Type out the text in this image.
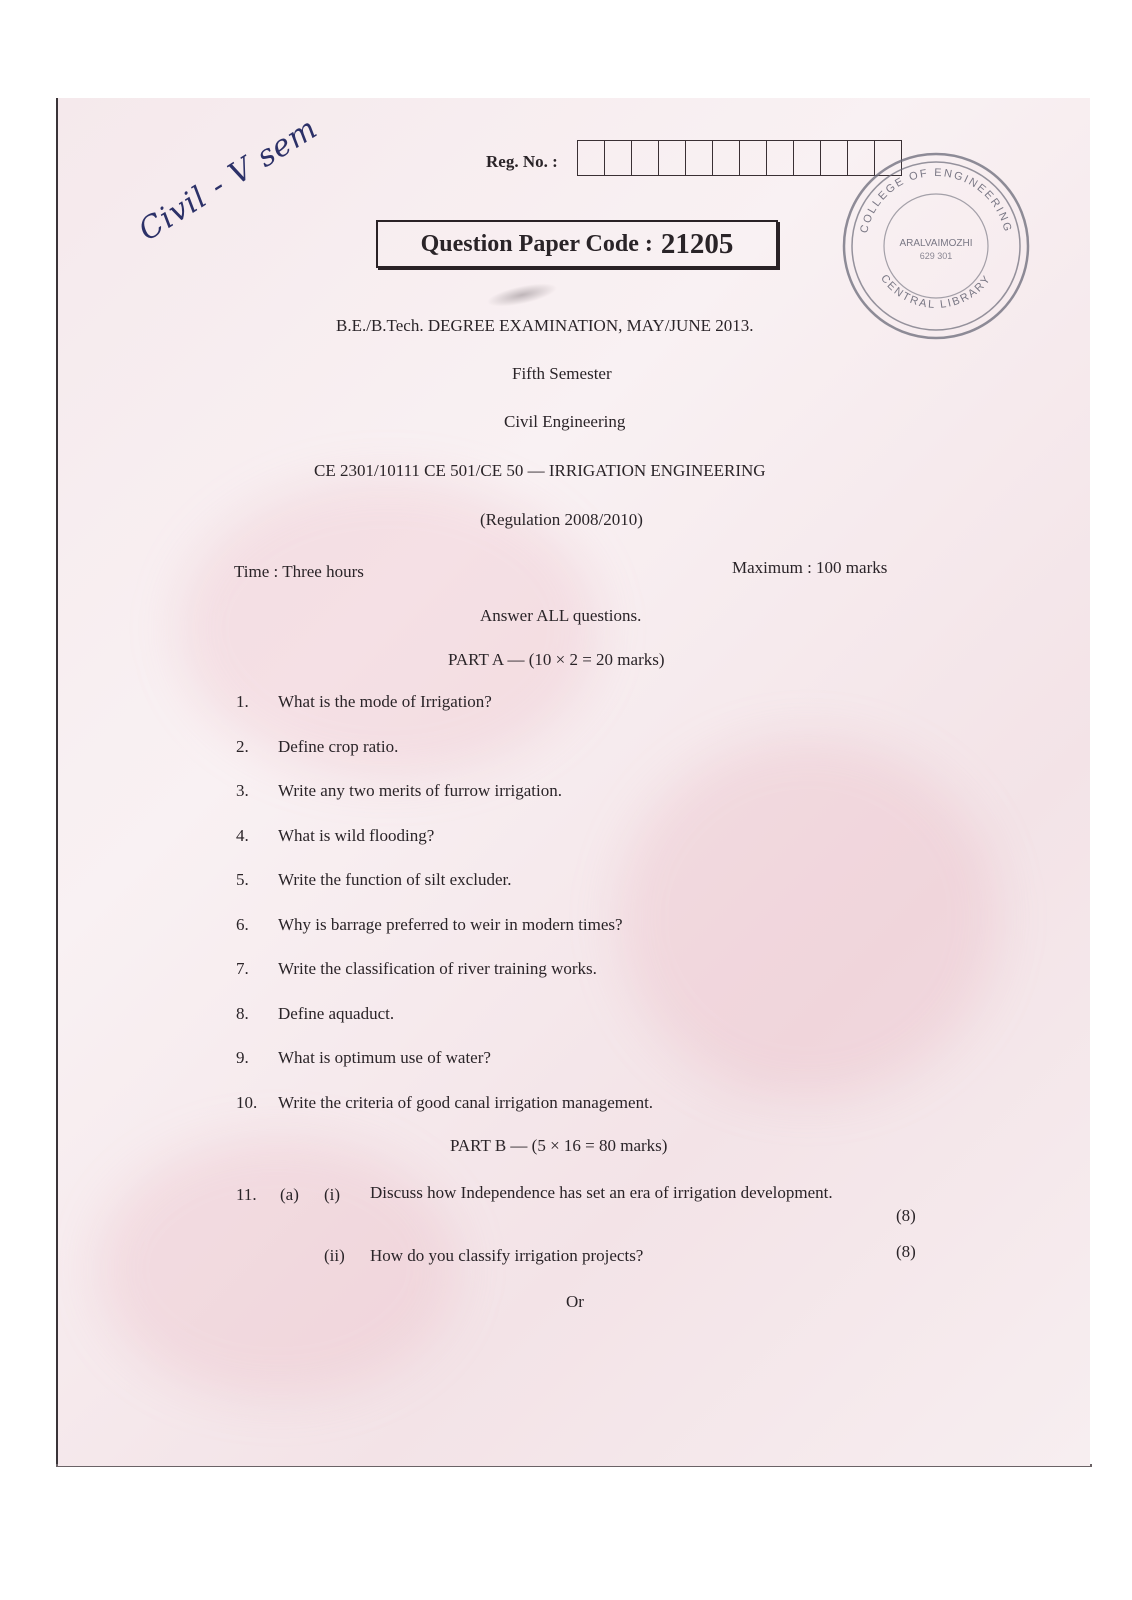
Civil - V sem	Reg. No. :
COLLEGE OF ENGINEERING
ARALVAIMOZHI
629 301
CENTRAL LIBRARY
Question Paper Code : 21205
B.E./B.Tech. DEGREE EXAMINATION, MAY/JUNE 2013.
Fifth Semester
Civil Engineering
CE 2301/10111 CE 501/CE 50 — IRRIGATION ENGINEERING
(Regulation 2008/2010)
Time : Three hours	Maximum : 100 marks
Answer ALL questions.
PART A — (10 × 2 = 20 marks)
1. What is the mode of Irrigation?
2. Define crop ratio.
3. Write any two merits of furrow irrigation.
4. What is wild flooding?
5. Write the function of silt excluder.
6. Why is barrage preferred to weir in modern times?
7. Write the classification of river training works.
8. Define aquaduct.
9. What is optimum use of water?
10. Write the criteria of good canal irrigation management.
PART B — (5 × 16 = 80 marks)
11. (a) (i) Discuss how Independence has set an era of irrigation development.
(8)
(ii) How do you classify irrigation projects?	(8)
Or
